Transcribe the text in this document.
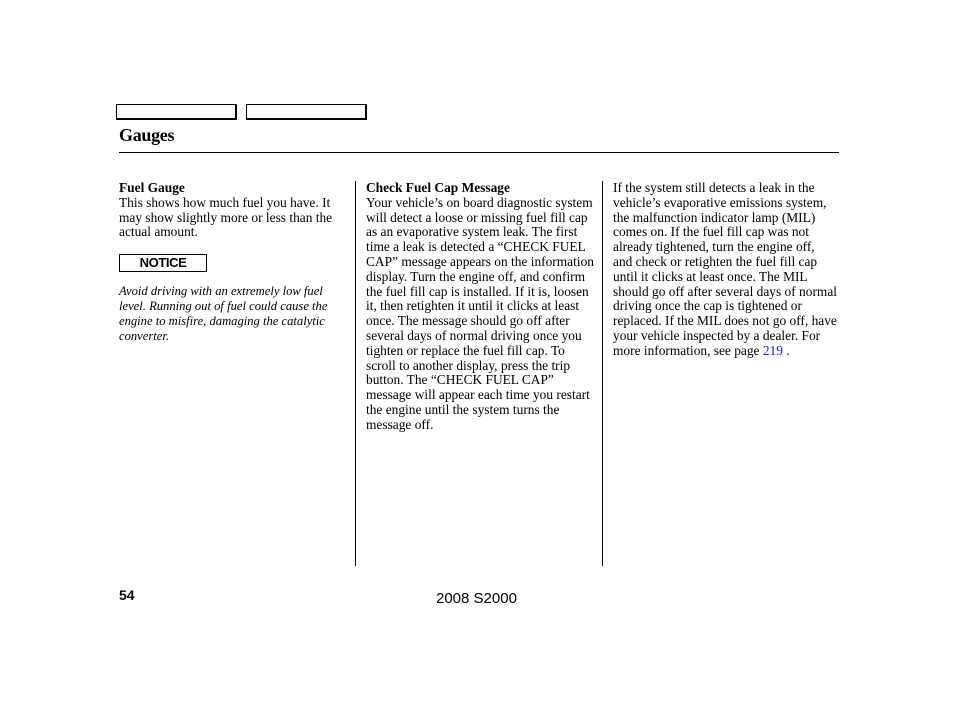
Gauges
Fuel Gauge

This shows how much fuel you have. It may show slightly more or less than the actual amount.

NOTICE

Avoid driving with an extremely low fuel level. Running out of fuel could cause the engine to misfire, damaging the catalytic converter.

Check Fuel Cap Message

Your vehicle’s on board diagnostic system will detect a loose or missing fuel fill cap as an evaporative system leak. The first time a leak is detected a “CHECK FUEL CAP” message appears on the information display. Turn the engine off, and confirm the fuel fill cap is installed. If it is, loosen it, then retighten it until it clicks at least once. The message should go off after several days of normal driving once you tighten or replace the fuel fill cap. To scroll to another display, press the trip button. The “CHECK FUEL CAP” message will appear each time you restart the engine until the system turns the message off.

If the system still detects a leak in the vehicle’s evaporative emissions system, the malfunction indicator lamp (MIL) comes on. If the fuel fill cap was not already tightened, turn the engine off, and check or retighten the fuel fill cap until it clicks at least once. The MIL should go off after several days of normal driving once the cap is tightened or replaced. If the MIL does not go off, have your vehicle inspected by a dealer. For more information, see page 219 .

54	2008 S2000
